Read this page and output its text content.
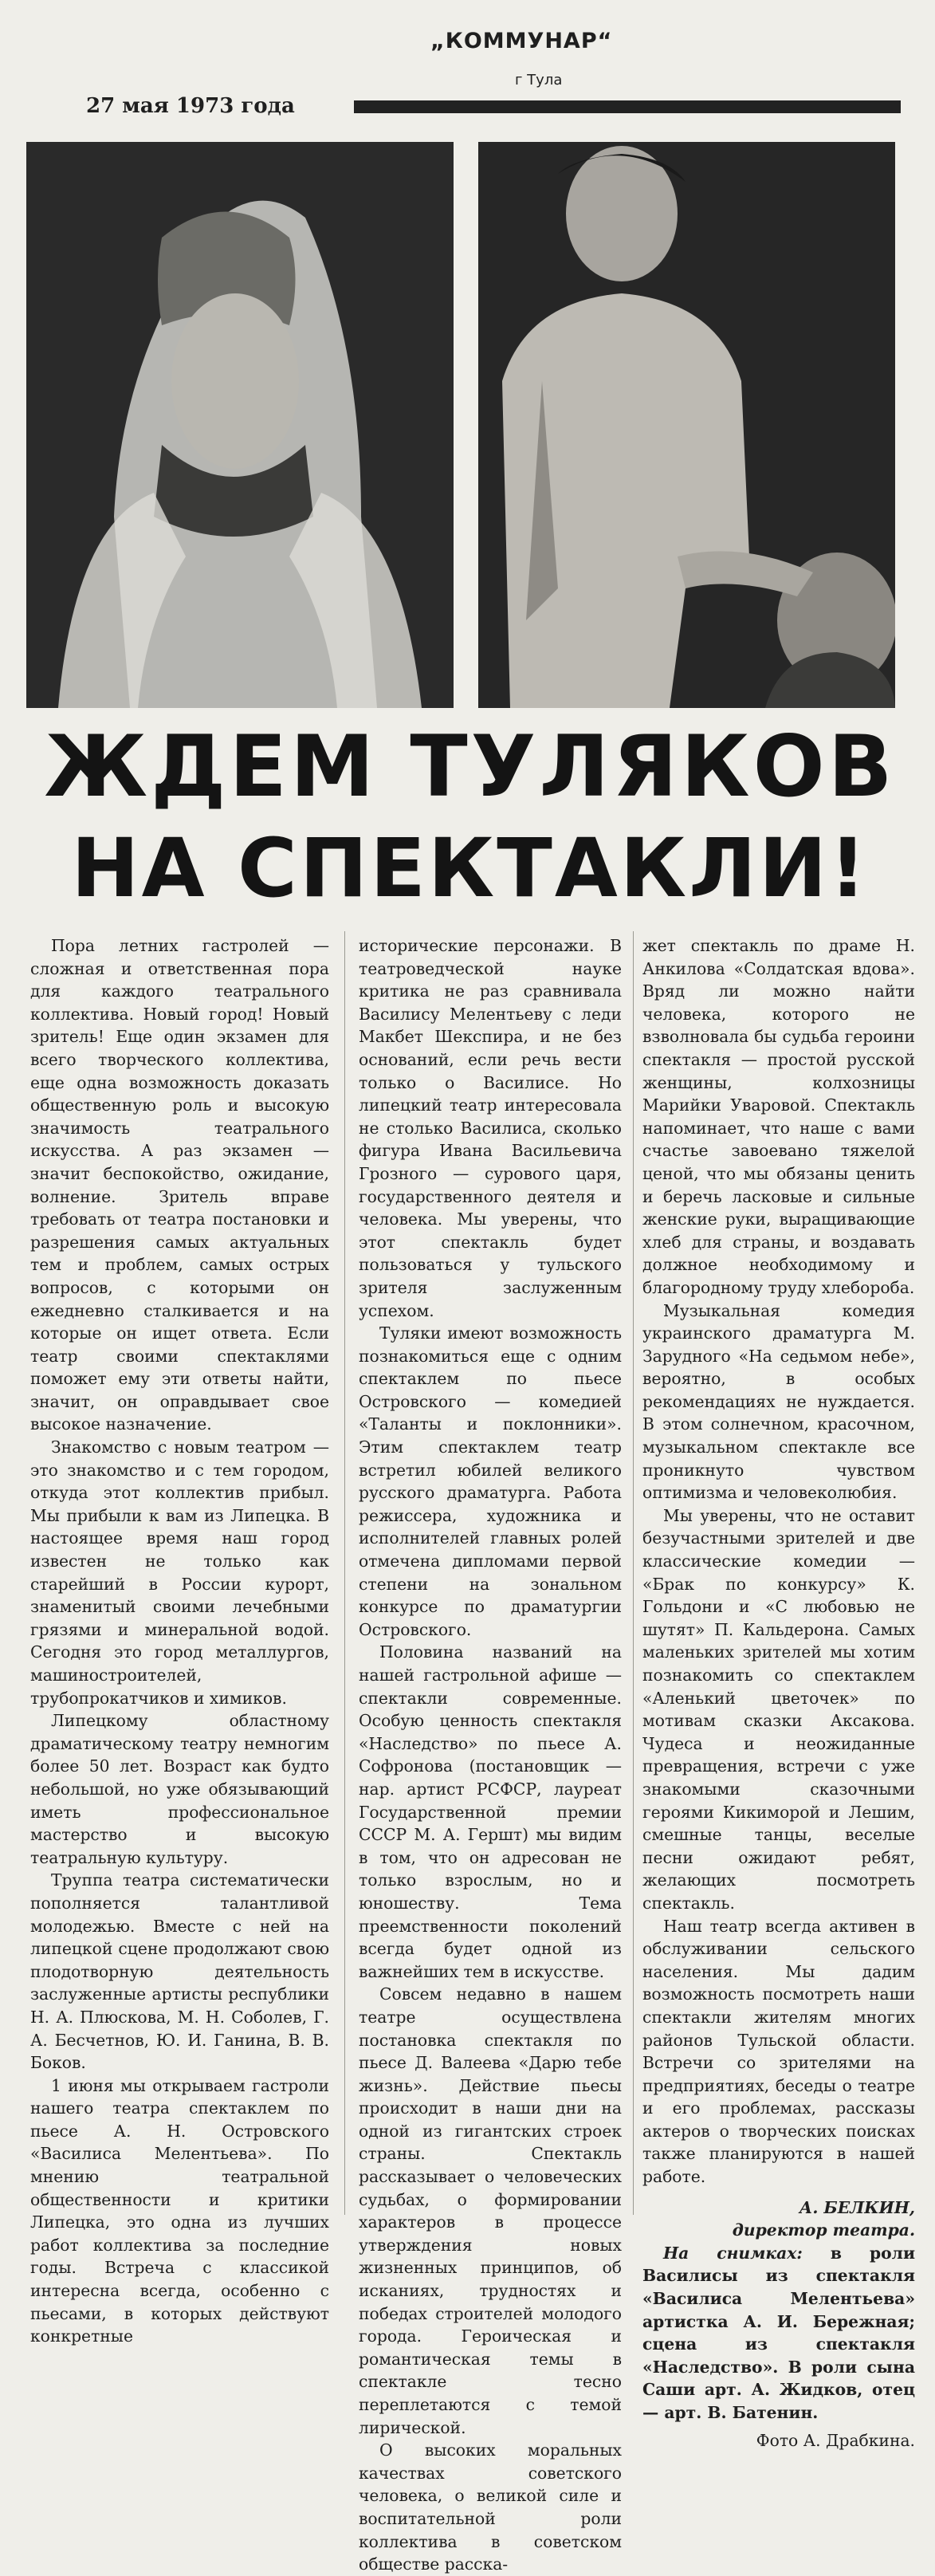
„КОММУНАР“
г Тула
27 мая 1973 года
ЖДЕМ ТУЛЯКОВ
НА СПЕКТАКЛИ!

Пора летних гастролей — сложная и ответственная пора для каждого театрального коллектива. Новый город! Новый зритель! Еще один экзамен для всего творческого коллектива, еще одна возможность доказать общественную роль и высокую значимость театрального искусства. А раз экзамен — значит беспокойство, ожидание, волнение. Зритель вправе требовать от театра постановки и разрешения самых актуальных тем и проблем, самых острых вопросов, с которыми он ежедневно сталкивается и на которые он ищет ответа. Если театр своими спектаклями поможет ему эти ответы найти, значит, он оправдывает свое высокое назначение.

Знакомство с новым театром — это знакомство и с тем городом, откуда этот коллектив прибыл. Мы прибыли к вам из Липецка. В настоящее время наш город известен не только как старейший в России курорт, знаменитый своими лечебными грязями и минеральной водой. Сегодня это город металлургов, машиностроителей, трубопрокатчиков и химиков.

Липецкому областному драматическому театру немногим более 50 лет. Возраст как будто небольшой, но уже обязывающий иметь профессиональное мастерство и высокую театральную культуру.

Труппа театра систематически пополняется талантливой молодежью. Вместе с ней на липецкой сцене продолжают свою плодотворную деятельность заслуженные артисты республики Н. А. Плюскова, М. Н. Соболев, Г. А. Бесчетнов, Ю. И. Ганина, В. В. Боков.

1 июня мы открываем гастроли нашего театра спектаклем по пьесе А. Н. Островского «Василиса Мелентьева». По мнению театральной общественности и критики Липецка, это одна из лучших работ коллектива за последние годы. Встреча с классикой интересна всегда, особенно с пьесами, в которых действуют конкретные

исторические персонажи. В театроведческой науке критика не раз сравнивала Василису Мелентьеву с леди Макбет Шекспира, и не без оснований, если речь вести только о Василисе. Но липецкий театр интересовала не столько Василиса, сколько фигура Ивана Васильевича Грозного — сурового царя, государственного деятеля и человека. Мы уверены, что этот спектакль будет пользоваться у тульского зрителя заслуженным успехом.

Туляки имеют возможность познакомиться еще с одним спектаклем по пьесе Островского — комедией «Таланты и поклонники». Этим спектаклем театр встретил юбилей великого русского драматурга. Работа режиссера, художника и исполнителей главных ролей отмечена дипломами первой степени на зональном конкурсе по драматургии Островского.

Половина названий на нашей гастрольной афише — спектакли современные. Особую ценность спектакля «Наследство» по пьесе А. Софронова (постановщик — нар. артист РСФСР, лауреат Государственной премии СССР М. А. Гершт) мы видим в том, что он адресован не только взрослым, но и юношеству. Тема преемственности поколений всегда будет одной из важнейших тем в искусстве.

Совсем недавно в нашем театре осуществлена постановка спектакля по пьесе Д. Валеева «Дарю тебе жизнь». Действие пьесы происходит в наши дни на одной из гигантских строек страны. Спектакль рассказывает о человеческих судьбах, о формировании характеров в процессе утверждения новых жизненных принципов, об исканиях, трудностях и победах строителей молодого города. Героическая и романтическая темы в спектакле тесно переплетаются с темой лирической.

О высоких моральных качествах советского человека, о великой силе и воспитательной роли коллектива в советском обществе расска-

жет спектакль по драме Н. Анкилова «Солдатская вдова». Вряд ли можно найти человека, которого не взволновала бы судьба героини спектакля — простой русской женщины, колхозницы Марийки Уваровой. Спектакль напоминает, что наше с вами счастье завоевано тяжелой ценой, что мы обязаны ценить и беречь ласковые и сильные женские руки, выращивающие хлеб для страны, и воздавать должное необходимому и благородному труду хлебороба.

Музыкальная комедия украинского драматурга М. Зарудного «На седьмом небе», вероятно, в особых рекомендациях не нуждается. В этом солнечном, красочном, музыкальном спектакле все проникнуто чувством оптимизма и человеколюбия.

Мы уверены, что не оставит безучастными зрителей и две классические комедии — «Брак по конкурсу» К. Гольдони и «С любовью не шутят» П. Кальдерона. Самых маленьких зрителей мы хотим познакомить со спектаклем «Аленький цветочек» по мотивам сказки Аксакова. Чудеса и неожиданные превращения, встречи с уже знакомыми сказочными героями Кикиморой и Лешим, смешные танцы, веселые песни ожидают ребят, желающих посмотреть спектакль.

Наш театр всегда активен в обслуживании сельского населения. Мы дадим возможность посмотреть наши спектакли жителям многих районов Тульской области. Встречи со зрителями на предприятиях, беседы о театре и его проблемах, рассказы актеров о творческих поисках также планируются в нашей работе.

А. БЕЛКИН,

директор театра.

На снимках: в роли Василисы из спектакля «Василиса Мелентьева» артистка А. И. Бережная; сцена из спектакля «Наследство». В роли сына Саши арт. А. Жидков, отец — арт. В. Батенин.

Фото А. Драбкина.
